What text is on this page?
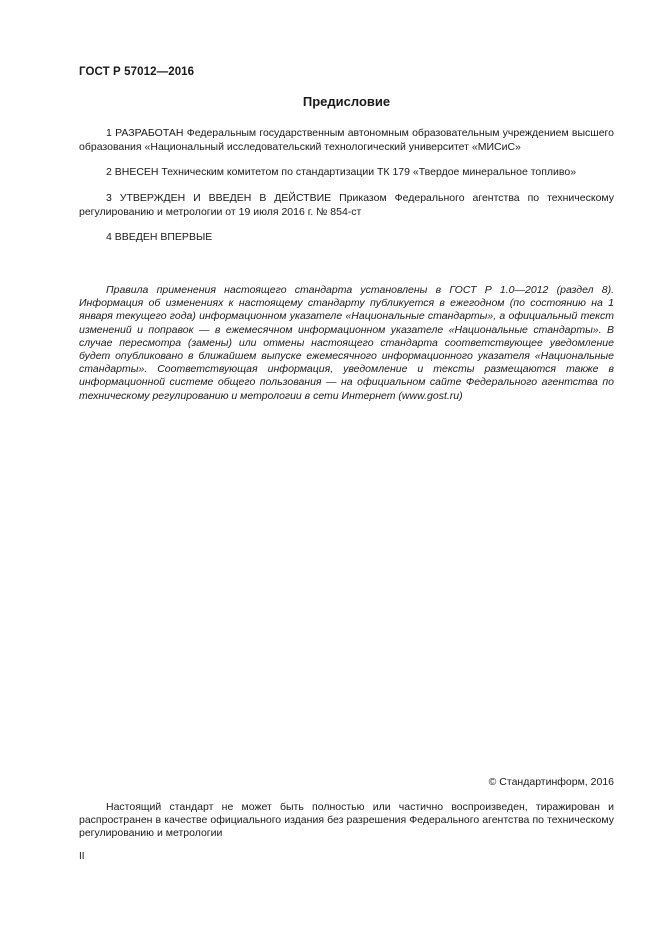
ГОСТ Р 57012—2016
Предисловие

1 РАЗРАБОТАН Федеральным государственным автономным образовательным учреждением высшего образования «Национальный исследовательский технологический университет «МИСиС»

2 ВНЕСЕН Техническим комитетом по стандартизации ТК 179 «Твердое минеральное топливо»

3 УТВЕРЖДЕН И ВВЕДЕН В ДЕЙСТВИЕ Приказом Федерального агентства по техническому регулированию и метрологии от 19 июля 2016 г. № 854-ст

4 ВВЕДЕН ВПЕРВЫЕ

Правила применения настоящего стандарта установлены в ГОСТ Р 1.0—2012 (раздел 8). Информация об изменениях к настоящему стандарту публикуется в ежегодном (по состоянию на 1 января текущего года) информационном указателе «Национальные стандарты», а официальный текст изменений и поправок — в ежемесячном информационном указателе «Национальные стандарты». В случае пересмотра (замены) или отмены настоящего стандарта соответствующее уведомление будет опубликовано в ближайшем выпуске ежемесячного информационного указателя «Национальные стандарты». Соответствующая информация, уведомление и тексты размещаются также в информационной системе общего пользования — на официальном сайте Федерального агентства по техническому регулированию и метрологии в сети Интернет (www.gost.ru)

© Стандартинформ, 2016

Настоящий стандарт не может быть полностью или частично воспроизведен, тиражирован и распространен в качестве официального издания без разрешения Федерального агентства по техническому регулированию и метрологии

II
